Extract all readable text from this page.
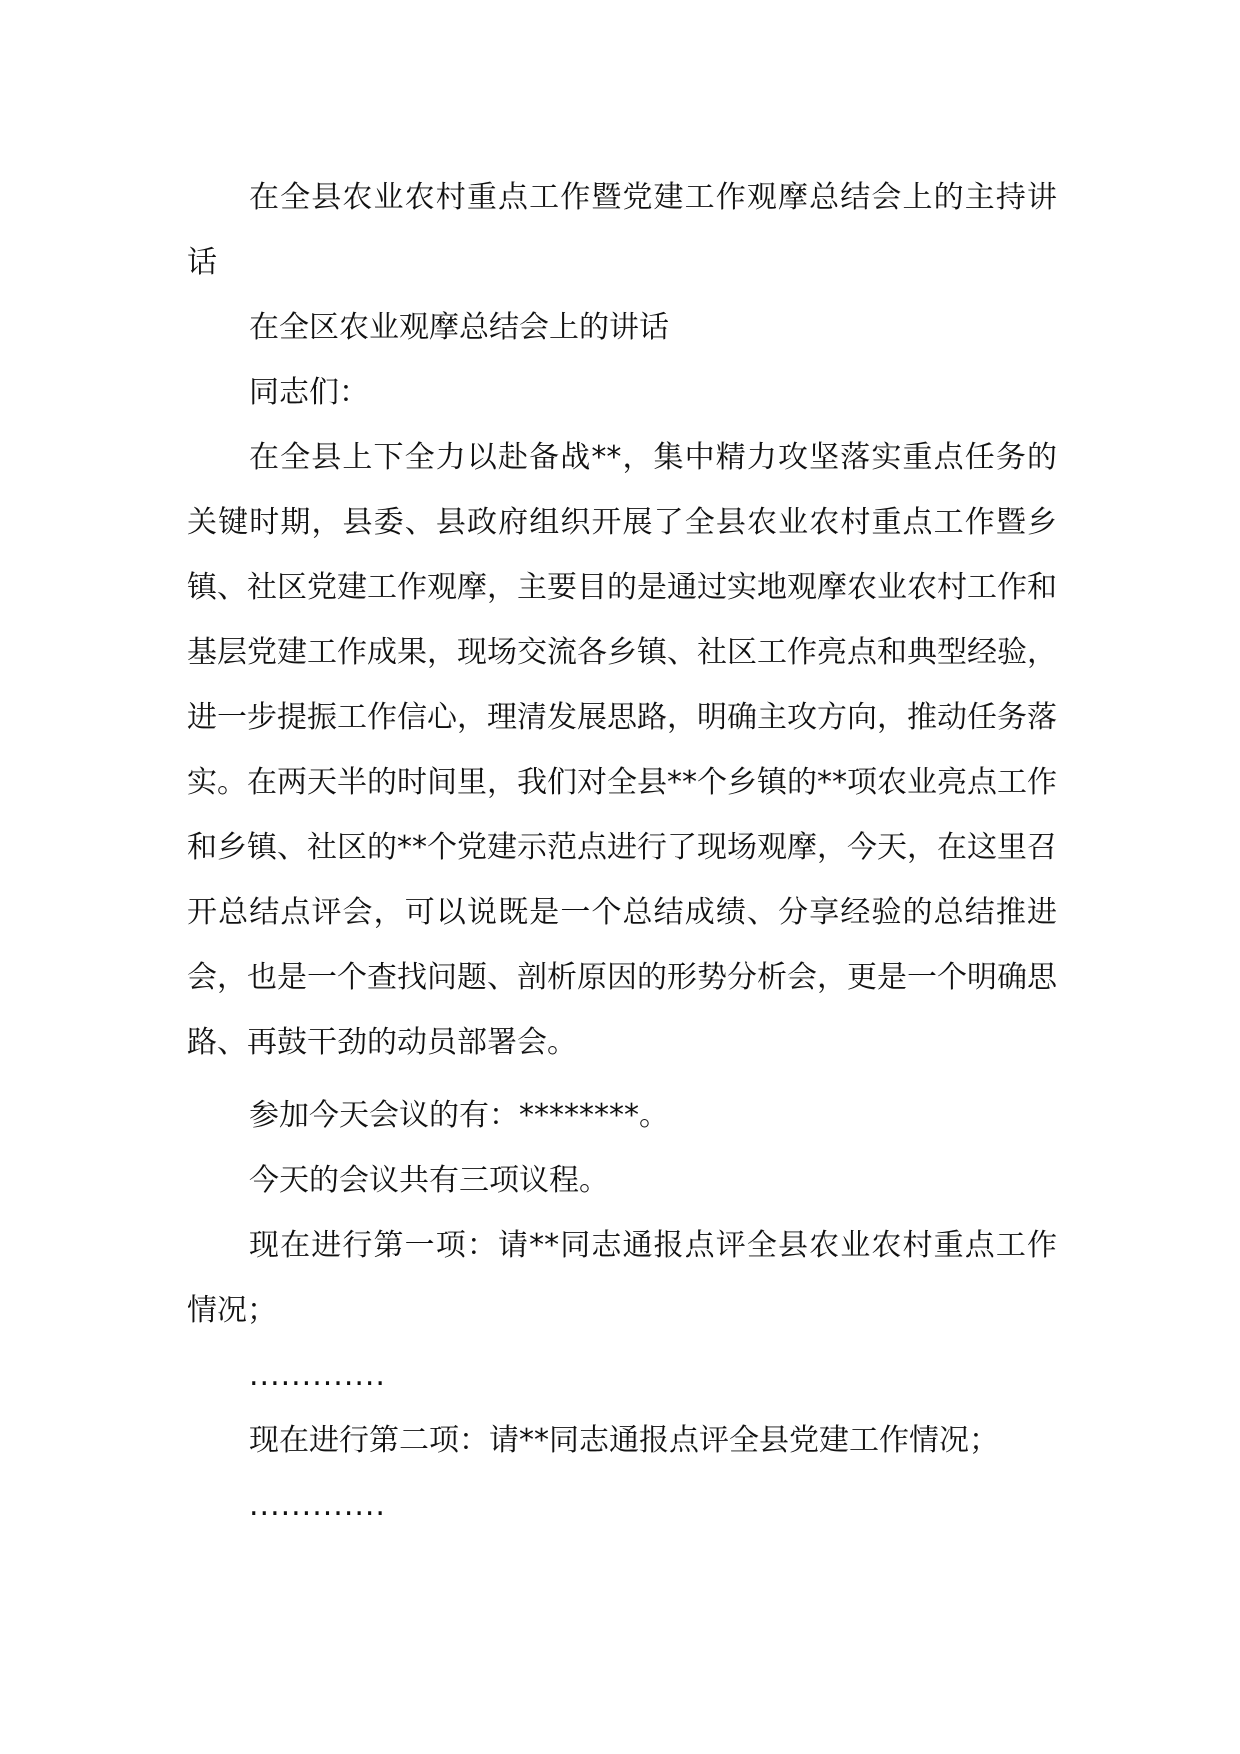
在全县农业农村重点工作暨党建工作观摩总结会上的主持讲话

在全区农业观摩总结会上的讲话

同志们：

在全县上下全力以赴备战**，集中精力攻坚落实重点任务的关键时期，县委、县政府组织开展了全县农业农村重点工作暨乡镇、社区党建工作观摩，主要目的是通过实地观摩农业农村工作和基层党建工作成果，现场交流各乡镇、社区工作亮点和典型经验，进一步提振工作信心，理清发展思路，明确主攻方向，推动任务落实。在两天半的时间里，我们对全县**个乡镇的**项农业亮点工作和乡镇、社区的**个党建示范点进行了现场观摩，今天，在这里召开总结点评会，可以说既是一个总结成绩、分享经验的总结推进会，也是一个查找问题、剖析原因的形势分析会，更是一个明确思路、再鼓干劲的动员部署会。

参加今天会议的有：********。

今天的会议共有三项议程。

现在进行第一项：请**同志通报点评全县农业农村重点工作情况；

.............

现在进行第二项：请**同志通报点评全县党建工作情况；

.............
